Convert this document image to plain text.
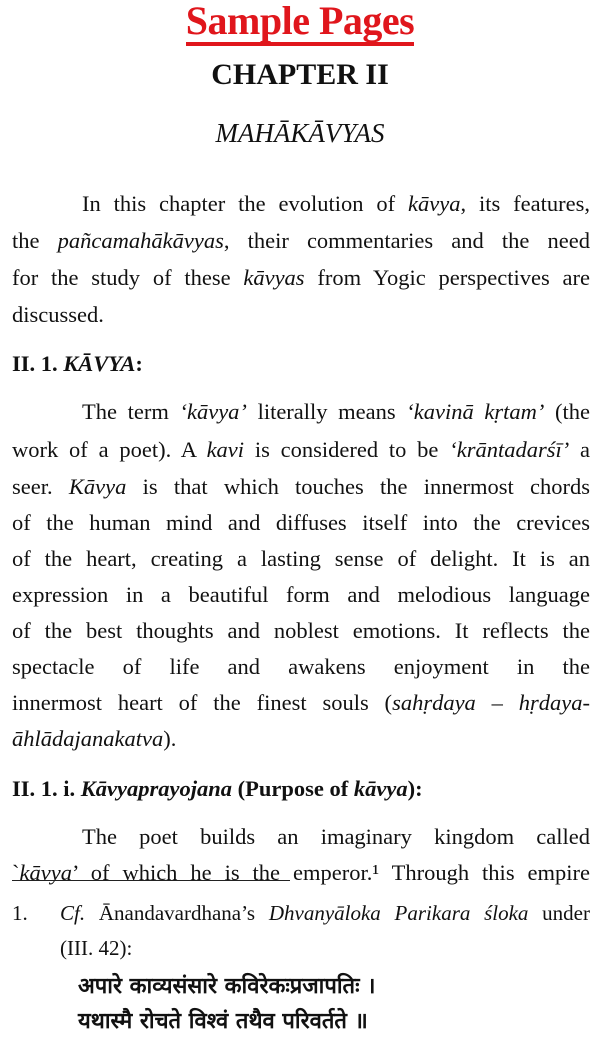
Sample Pages
CHAPTER II
MAHĀKĀVYAS
In this chapter the evolution of kāvya, its features,
the pañcamahākāvyas, their commentaries and the need
for the study of these kāvyas from Yogic perspectives are
discussed.
II. 1. KĀVYA:
The term ‘kāvya’ literally means ‘kavinā kṛtam’ (the
work of a poet). A kavi is considered to be ‘krāntadarśī’ a
seer. Kāvya is that which touches the innermost chords
of the human mind and diffuses itself into the crevices
of the heart, creating a lasting sense of delight. It is an
expression in a beautiful form and melodious language
of the best thoughts and noblest emotions. It reflects the
spectacle of life and awakens enjoyment in the
innermost heart of the finest souls (sahṛdaya – hṛdaya-
āhlādajanakatva).
II. 1. i. Kāvyaprayojana (Purpose of kāvya):
The poet builds an imaginary kingdom called
`kāvya’ of which he is the emperor.¹ Through this empire
1. Cf. Ānandavardhana’s Dhvanyāloka Parikara śloka under
(III. 42):
अपारे काव्यसंसारे कविरेकःप्रजापतिः ।
यथास्मै रोचते विश्वं तथैव परिवर्तते ॥
